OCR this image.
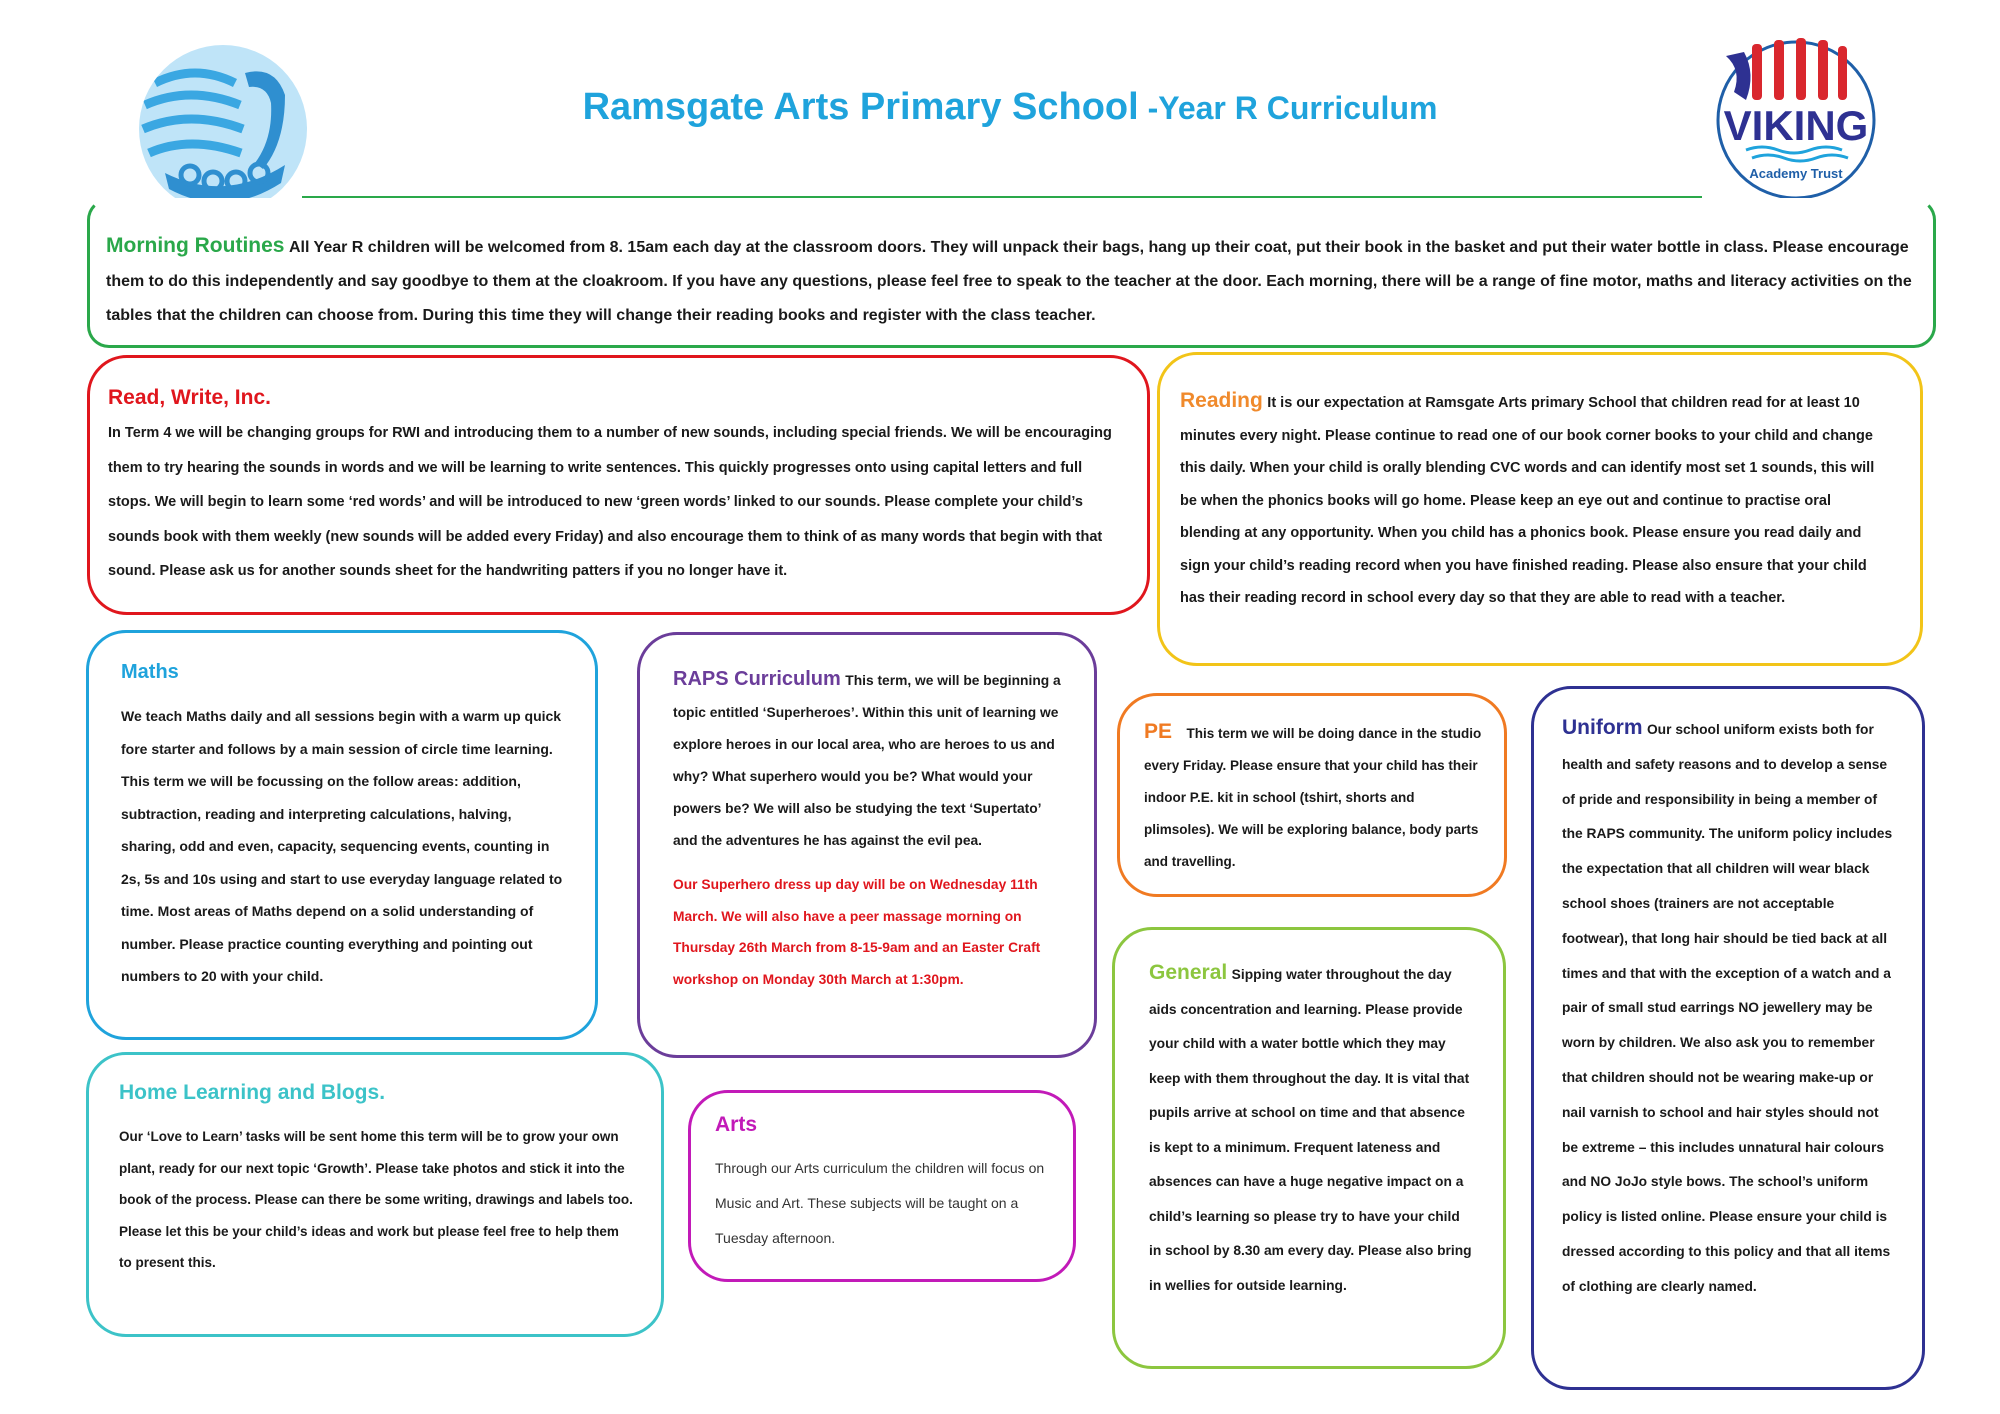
Ramsgate Arts Primary School -Year R Curriculum	VIKING
Academy Trust
Morning Routines All Year R children will be welcomed from 8. 15am each day at the classroom doors. They will unpack their bags, hang up their coat, put their book in the basket and put their water bottle in class. Please encourage them to do this independently and say goodbye to them at the cloakroom. If you have any questions, please feel free to speak to the teacher at the door. Each morning, there will be a range of fine motor, maths and literacy activities on the tables that the children can choose from. During this time they will change their reading books and register with the class teacher.
Read, Write, Inc.
In Term 4 we will be changing groups for RWI and introducing them to a number of new sounds, including special friends. We will be encouraging them to try hearing the sounds in words and we will be learning to write sentences. This quickly progresses onto using capital letters and full stops. We will begin to learn some ‘red words’ and will be introduced to new ‘green words’ linked to our sounds. Please complete your child’s sounds book with them weekly (new sounds will be added every Friday) and also encourage them to think of as many words that begin with that sound. Please ask us for another sounds sheet for the handwriting patters if you no longer have it.
Reading It is our expectation at Ramsgate Arts primary School that children read for at least 10 minutes every night. Please continue to read one of our book corner books to your child and change this daily. When your child is orally blending CVC words and can identify most set 1 sounds, this will be when the phonics books will go home. Please keep an eye out and continue to practise oral blending at any opportunity. When you child has a phonics book. Please ensure you read daily and sign your child’s reading record when you have finished reading. Please also ensure that your child has their reading record in school every day so that they are able to read with a teacher.
Maths
We teach Maths daily and all sessions begin with a warm up quick fore starter and follows by a main session of circle time learning. This term we will be focussing on the follow areas: addition, subtraction, reading and interpreting calculations, halving, sharing, odd and even, capacity, sequencing events, counting in 2s, 5s and 10s using and start to use everyday language related to time. Most areas of Maths depend on a solid understanding of number. Please practice counting everything and pointing out numbers to 20 with your child.
RAPS Curriculum This term, we will be beginning a topic entitled ‘Superheroes’. Within this unit of learning we explore heroes in our local area, who are heroes to us and why? What superhero would you be? What would your powers be? We will also be studying the text ‘Supertato’ and the adventures he has against the evil pea.
Our Superhero dress up day will be on Wednesday 11th March. We will also have a peer massage morning on Thursday 26th March from 8-15-9am and an Easter Craft workshop on Monday 30th March at 1:30pm.
PE This term we will be doing dance in the studio every Friday. Please ensure that your child has their indoor P.E. kit in school (tshirt, shorts and plimsoles). We will be exploring balance, body parts and travelling.
Uniform Our school uniform exists both for health and safety reasons and to develop a sense of pride and responsibility in being a member of the RAPS community. The uniform policy includes the expectation that all children will wear black school shoes (trainers are not acceptable footwear), that long hair should be tied back at all times and that with the exception of a watch and a pair of small stud earrings NO jewellery may be worn by children. We also ask you to remember that children should not be wearing make-up or nail varnish to school and hair styles should not be extreme – this includes unnatural hair colours and NO JoJo style bows. The school’s uniform policy is listed online. Please ensure your child is dressed according to this policy and that all items of clothing are clearly named.
Home Learning and Blogs.
Our ‘Love to Learn’ tasks will be sent home this term will be to grow your own plant, ready for our next topic ‘Growth’. Please take photos and stick it into the book of the process. Please can there be some writing, drawings and labels too. Please let this be your child’s ideas and work but please feel free to help them to present this.
Arts
Through our Arts curriculum the children will focus on Music and Art. These subjects will be taught on a Tuesday afternoon.
General Sipping water throughout the day aids concentration and learning. Please provide your child with a water bottle which they may keep with them throughout the day. It is vital that pupils arrive at school on time and that absence is kept to a minimum. Frequent lateness and absences can have a huge negative impact on a child’s learning so please try to have your child in school by 8.30 am every day. Please also bring in wellies for outside learning.
